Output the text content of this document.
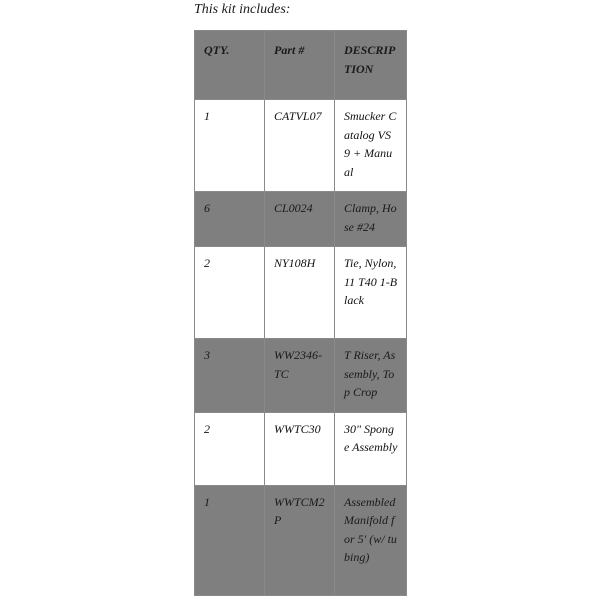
This kit includes:
QTY.	Part #	DESCRIPTION
1	CATVL07	Smucker Catalog VS 9 + Manual
6	CL0024	Clamp, Hose #24
2	NY108H	Tie, Nylon, 11 T40 1-Black
3	WW2346-TC	T Riser, Assembly, Top Crop
2	WWTC30	30" Sponge Assembly
1	WWTCM2P	Assembled Manifold for 5' (w/ tubing)
